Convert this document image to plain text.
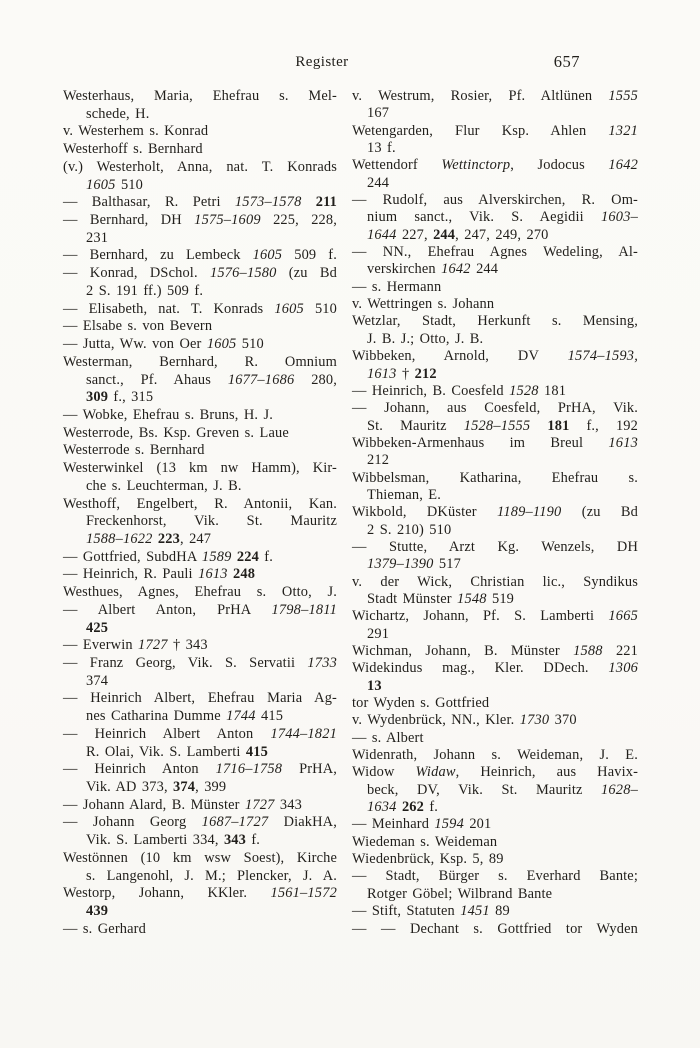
Register	657
Westerhaus, Maria, Ehefrau s. Mel-
schede, H.
v. Westerhem s. Konrad
Westerhoff s. Bernhard
(v.) Westerholt, Anna, nat. T. Konrads
1605 510
— Balthasar, R. Petri 1573–1578 211
— Bernhard, DH 1575–1609 225, 228,
231
— Bernhard, zu Lembeck 1605 509 f.
— Konrad, DSchol. 1576–1580 (zu Bd
2 S. 191 ff.) 509 f.
— Elisabeth, nat. T. Konrads 1605 510
— Elsabe s. von Bevern
— Jutta, Ww. von Oer 1605 510
Westerman, Bernhard, R. Omnium
sanct., Pf. Ahaus 1677–1686 280,
309 f., 315
— Wobke, Ehefrau s. Bruns, H. J.
Westerrode, Bs. Ksp. Greven s. Laue
Westerrode s. Bernhard
Westerwinkel (13 km nw Hamm), Kir-
che s. Leuchterman, J. B.
Westhoff, Engelbert, R. Antonii, Kan.
Freckenhorst, Vik. St. Mauritz
1588–1622 223, 247
— Gottfried, SubdHA 1589 224 f.
— Heinrich, R. Pauli 1613 248
Westhues, Agnes, Ehefrau s. Otto, J.
— Albert Anton, PrHA 1798–1811
425
— Everwin 1727 † 343
— Franz Georg, Vik. S. Servatii 1733
374
— Heinrich Albert, Ehefrau Maria Ag-
nes Catharina Dumme 1744 415
— Heinrich Albert Anton 1744–1821
R. Olai, Vik. S. Lamberti 415
— Heinrich Anton 1716–1758 PrHA,
Vik. AD 373, 374, 399
— Johann Alard, B. Münster 1727 343
— Johann Georg 1687–1727 DiakHA,
Vik. S. Lamberti 334, 343 f.
Westönnen (10 km wsw Soest), Kirche
s. Langenohl, J. M.; Plencker, J. A.
Westorp, Johann, KKler. 1561–1572
439
— s. Gerhard
v. Westrum, Rosier, Pf. Altlünen 1555
167
Wetengarden, Flur Ksp. Ahlen 1321
13 f.
Wettendorf Wettinctorp, Jodocus 1642
244
— Rudolf, aus Alverskirchen, R. Om-
nium sanct., Vik. S. Aegidii 1603–
1644 227, 244, 247, 249, 270
— NN., Ehefrau Agnes Wedeling, Al-
verskirchen 1642 244
— s. Hermann
v. Wettringen s. Johann
Wetzlar, Stadt, Herkunft s. Mensing,
J. B. J.; Otto, J. B.
Wibbeken, Arnold, DV 1574–1593,
1613 † 212
— Heinrich, B. Coesfeld 1528 181
— Johann, aus Coesfeld, PrHA, Vik.
St. Mauritz 1528–1555 181 f., 192
Wibbeken-Armenhaus im Breul 1613
212
Wibbelsman, Katharina, Ehefrau s.
Thieman, E.
Wikbold, DKüster 1189–1190 (zu Bd
2 S. 210) 510
— Stutte, Arzt Kg. Wenzels, DH
1379–1390 517
v. der Wick, Christian lic., Syndikus
Stadt Münster 1548 519
Wichartz, Johann, Pf. S. Lamberti 1665
291
Wichman, Johann, B. Münster 1588 221
Widekindus mag., Kler. DDech. 1306
13
tor Wyden s. Gottfried
v. Wydenbrück, NN., Kler. 1730 370
— s. Albert
Widenrath, Johann s. Weideman, J. E.
Widow Widaw, Heinrich, aus Havix-
beck, DV, Vik. St. Mauritz 1628–
1634 262 f.
— Meinhard 1594 201
Wiedeman s. Weideman
Wiedenbrück, Ksp. 5, 89
— Stadt, Bürger s. Everhard Bante;
Rotger Göbel; Wilbrand Bante
— Stift, Statuten 1451 89
— — Dechant s. Gottfried tor Wyden
